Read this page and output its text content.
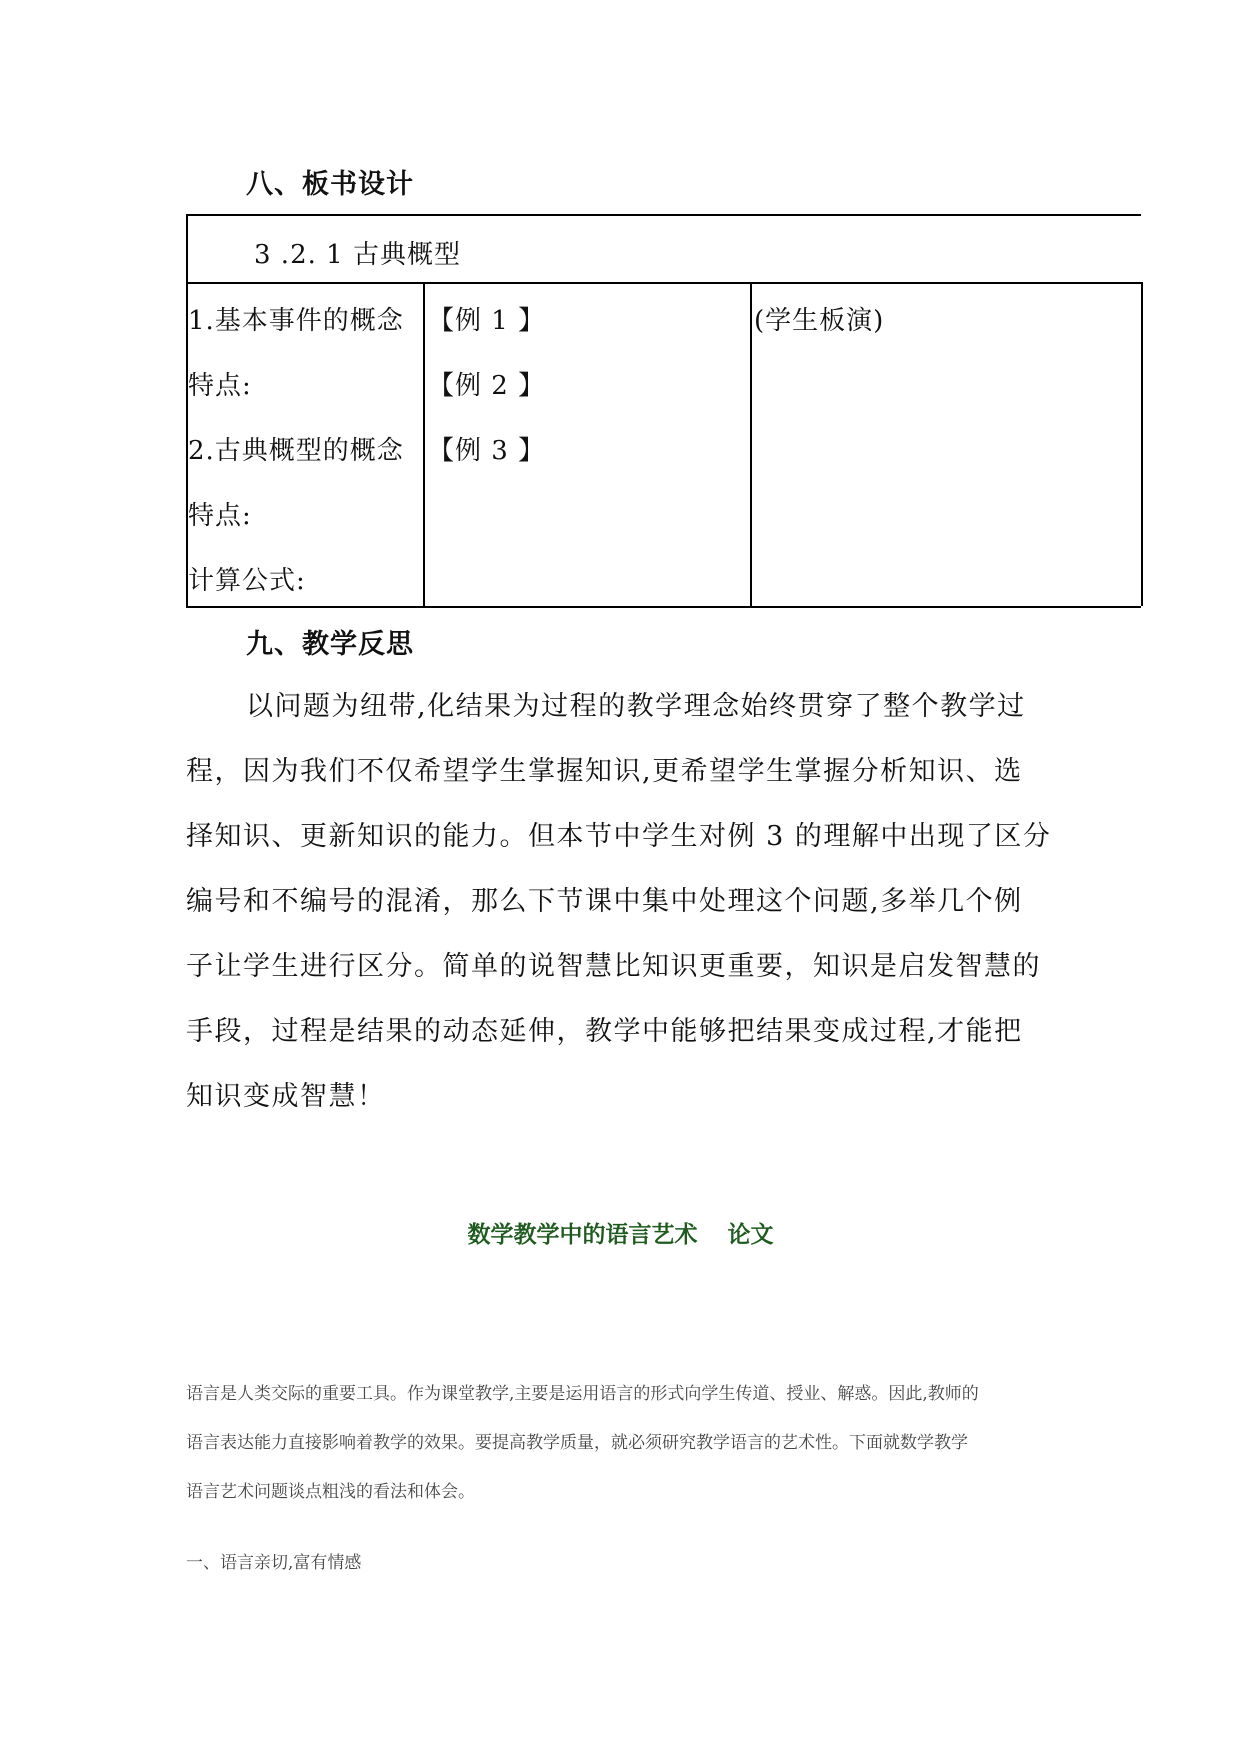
八、板书设计
3 .2. 1 古典概型
1.基本事件的概念
特点:
2.古典概型的概念
特点:
计算公式:
【例 1 】
【例 2 】
【例 3 】
(学生板演)
九、教学反思
以问题为纽带,化结果为过程的教学理念始终贯穿了整个教学过
程，因为我们不仅希望学生掌握知识,更希望学生掌握分析知识、选
择知识、更新知识的能力。但本节中学生对例 3 的理解中出现了区分
编号和不编号的混淆，那么下节课中集中处理这个问题,多举几个例
子让学生进行区分。简单的说智慧比知识更重要，知识是启发智慧的
手段，过程是结果的动态延伸，教学中能够把结果变成过程,才能把
知识变成智慧！
数学教学中的语言艺术 论文
语言是人类交际的重要工具。作为课堂教学,主要是运用语言的形式向学生传道、授业、解惑。因此,教师的
语言表达能力直接影响着教学的效果。要提高教学质量，就必须研究教学语言的艺术性。下面就数学教学
语言艺术问题谈点粗浅的看法和体会。
一、语言亲切,富有情感
